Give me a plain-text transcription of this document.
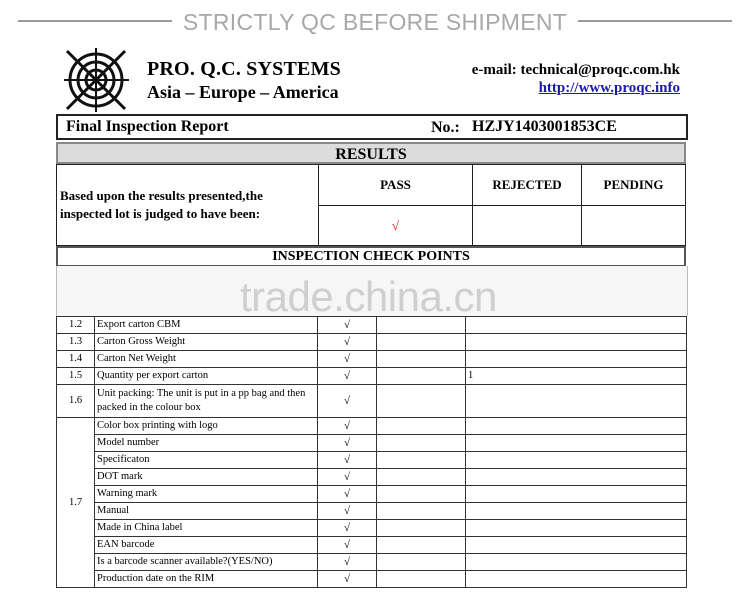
STRICTLY QC BEFORE SHIPMENT
PRO. Q.C. SYSTEMS
Asia – Europe – America
e-mail: technical@proqc.com.hk
http://www.proqc.info
Final Inspection Report	No.: HZJY1403001853CE
RESULTS
Based upon the results presented,the inspected lot is judged to have been:	PASS	REJECTED	PENDING
	√		
INSPECTION CHECK POINTS
trade.china.cn
1.2	Export carton CBM	√		
1.3	Carton Gross Weight	√		
1.4	Carton Net Weight	√		
1.5	Quantity per export carton	√		1
1.6	Unit packing: The unit is put in a pp bag and then packed in the colour box	√		
1.7	Color box printing with logo	√		
	Model number	√		
	Specificaton	√		
	DOT mark	√		
	Warning mark	√		
	Manual	√		
	Made in China label	√		
	EAN barcode	√		
	Is a barcode scanner available?(YES/NO)	√		
	Production date on the RIM	√		
